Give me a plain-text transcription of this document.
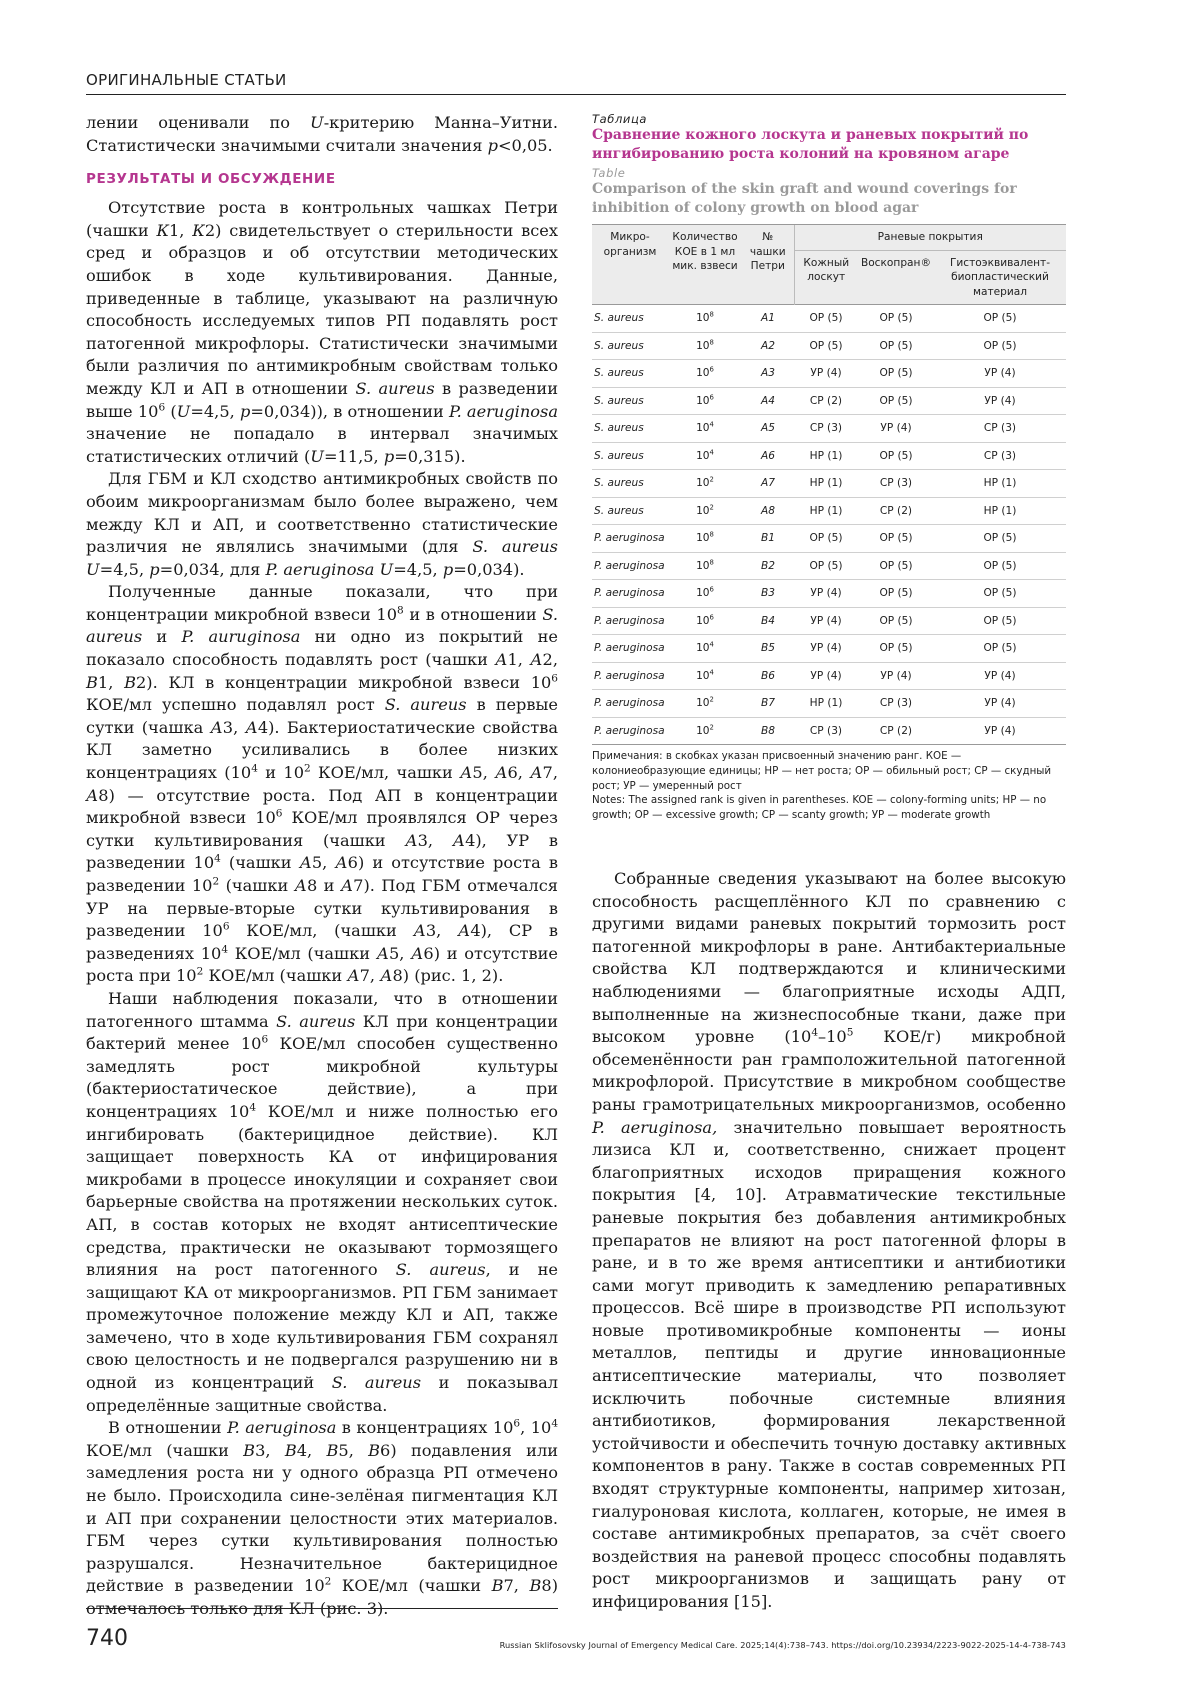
ОРИГИНАЛЬНЫЕ СТАТЬИ

лении оценивали по U-критерию Манна–Уитни. Статистически значимыми считали значения p<0,05.

РЕЗУЛЬТАТЫ И ОБСУЖДЕНИЕ

Отсутствие роста в контрольных чашках Петри (чашки К1, К2) свидетельствует о стерильности всех сред и образцов и об отсутствии методических ошибок в ходе культивирования. Данные, приведенные в таблице, указывают на различную способность исследуемых типов РП подавлять рост патогенной микрофлоры. Статистически значимыми были различия по антимикробным свойствам только между КЛ и АП в отношении S. aureus в разведении выше $10^6$ (U=4,5, p=0,034)), в отношении P. aeruginosa значение не попадало в интервал значимых статистических отличий (U=11,5, p=0,315).

Для ГБМ и КЛ сходство антимикробных свойств по обоим микроорганизмам было более выражено, чем между КЛ и АП, и соответственно статистические различия не являлись значимыми (для S. aureus U=4,5, p=0,034, для P. aeruginosa U=4,5, p=0,034).

Полученные данные показали, что при концентрации микробной взвеси $10^8$ и в отношении S. aureus и P. auruginosa ни одно из покрытий не показало способность подавлять рост (чашки А1, А2, В1, В2). КЛ в концентрации микробной взвеси $10^6$ КОЕ/мл успешно подавлял рост S. aureus в первые сутки (чашка А3, А4). Бактериостатические свойства КЛ заметно усиливались в более низких концентрациях ($10^4$ и $10^2$ КОЕ/мл, чашки А5, А6, А7, А8) — отсутствие роста. Под АП в концентрации микробной взвеси $10^6$ КОЕ/мл проявлялся ОР через сутки культивирования (чашки А3, А4), УР в разведении $10^4$ (чашки А5, А6) и отсутствие роста в разведении $10^2$ (чашки А8 и А7). Под ГБМ отмечался УР на первые-вторые сутки культивирования в разведении $10^6$ КОЕ/мл, (чашки А3, А4), СР в разведениях $10^4$ КОЕ/мл (чашки А5, А6) и отсутствие роста при $10^2$ КОЕ/мл (чашки А7, А8) (рис. 1, 2).

Наши наблюдения показали, что в отношении патогенного штамма S. aureus КЛ при концентрации бактерий менее $10^6$ КОЕ/мл способен существенно замедлять рост микробной культуры (бактериостатическое действие), а при концентрациях $10^4$ КОЕ/мл и ниже полностью его ингибировать (бактерицидное действие). КЛ защищает поверхность КА от инфицирования микробами в процессе инокуляции и сохраняет свои барьерные свойства на протяжении нескольких суток. АП, в состав которых не входят антисептические средства, практически не оказывают тормозящего влияния на рост патогенного S. aureus, и не защищают КА от микроорганизмов. РП ГБМ занимает промежуточное положение между КЛ и АП, также замечено, что в ходе культивирования ГБМ сохранял свою целостность и не подвергался разрушению ни в одной из концентраций S. aureus и показывал определённые защитные свойства.

В отношении P. aeruginosa в концентрациях $10^6$, $10^4$ КОЕ/мл (чашки В3, В4, В5, В6) подавления или замедления роста ни у одного образца РП отмечено не было. Происходила сине-зелёная пигментация КЛ и АП при сохранении целостности этих материалов. ГБМ через сутки культивирования полностью разрушался. Незначительное бактерицидное действие в разведении $10^2$ КОЕ/мл (чашки В7, В8) отмечалось только для КЛ (рис. 3).

Таблица
Сравнение кожного лоскута и раневых покрытий по ингибированию роста колоний на кровяном агаре
Table
Comparison of the skin graft and wound coverings for inhibition of colony growth on blood agar
Микро-организм	Количество КОЕ в 1 мл мик. взвеси	№ чашки Петри	Раневые покрытия		
			Кожный лоскут	Воскопран®	Гистоэквивалент-биопластический материал
S. aureus	$10^8$	A1	ОР (5)	ОР (5)	ОР (5)
S. aureus	$10^8$	A2	ОР (5)	ОР (5)	ОР (5)
S. aureus	$10^6$	A3	УР (4)	ОР (5)	УР (4)
S. aureus	$10^6$	A4	СР (2)	ОР (5)	УР (4)
S. aureus	$10^4$	A5	СР (3)	УР (4)	СР (3)
S. aureus	$10^4$	A6	НР (1)	ОР (5)	СР (3)
S. aureus	$10^2$	A7	НР (1)	СР (3)	НР (1)
S. aureus	$10^2$	A8	НР (1)	СР (2)	НР (1)
P. aeruginosa	$10^8$	B1	ОР (5)	ОР (5)	ОР (5)
P. aeruginosa	$10^8$	B2	ОР (5)	ОР (5)	ОР (5)
P. aeruginosa	$10^6$	B3	УР (4)	ОР (5)	ОР (5)
P. aeruginosa	$10^6$	B4	УР (4)	ОР (5)	ОР (5)
P. aeruginosa	$10^4$	B5	УР (4)	ОР (5)	ОР (5)
P. aeruginosa	$10^4$	B6	УР (4)	УР (4)	УР (4)
P. aeruginosa	$10^2$	B7	НР (1)	СР (3)	УР (4)
P. aeruginosa	$10^2$	B8	СР (3)	СР (2)	УР (4)
Примечания: в скобках указан присвоенный значению ранг. КОЕ — колониеобразующие единицы; НР — нет роста; ОР — обильный рост; СР — скудный рост; УР — умеренный рост
Notes: The assigned rank is given in parentheses. KOE — colony-forming units; HP — no growth; OP — excessive growth; CP — scanty growth; УР — moderate growth

Собранные сведения указывают на более высокую способность расщеплённого КЛ по сравнению с другими видами раневых покрытий тормозить рост патогенной микрофлоры в ране. Антибактериальные свойства КЛ подтверждаются и клиническими наблюдениями — благоприятные исходы АДП, выполненные на жизнеспособные ткани, даже при высоком уровне ($10^4-10^5$ КОЕ/г) микробной обсеменённости ран грамположительной патогенной микрофлорой. Присутствие в микробном сообществе раны грамотрицательных микроорганизмов, особенно P. aeruginosa, значительно повышает вероятность лизиса КЛ и, соответственно, снижает процент благоприятных исходов приращения кожного покрытия [4, 10]. Атравматические текстильные раневые покрытия без добавления антимикробных препаратов не влияют на рост патогенной флоры в ране, и в то же время антисептики и антибиотики сами могут приводить к замедлению репаративных процессов. Всё шире в производстве РП используют новые противомикробные компоненты — ионы металлов, пептиды и другие инновационные антисептические материалы, что позволяет исключить побочные системные влияния антибиотиков, формирования лекарственной устойчивости и обеспечить точную доставку активных компонентов в рану. Также в состав современных РП входят структурные компоненты, например хитозан, гиалуроновая кислота, коллаген, которые, не имея в составе антимикробных препаратов, за счёт своего воздействия на раневой процесс способны подавлять рост микроорганизмов и защищать рану от инфицирования [15].

740	Russian Sklifosovsky Journal of Emergency Medical Care. 2025;14(4):738–743. https://doi.org/10.23934/2223-9022-2025-14-4-738-743
